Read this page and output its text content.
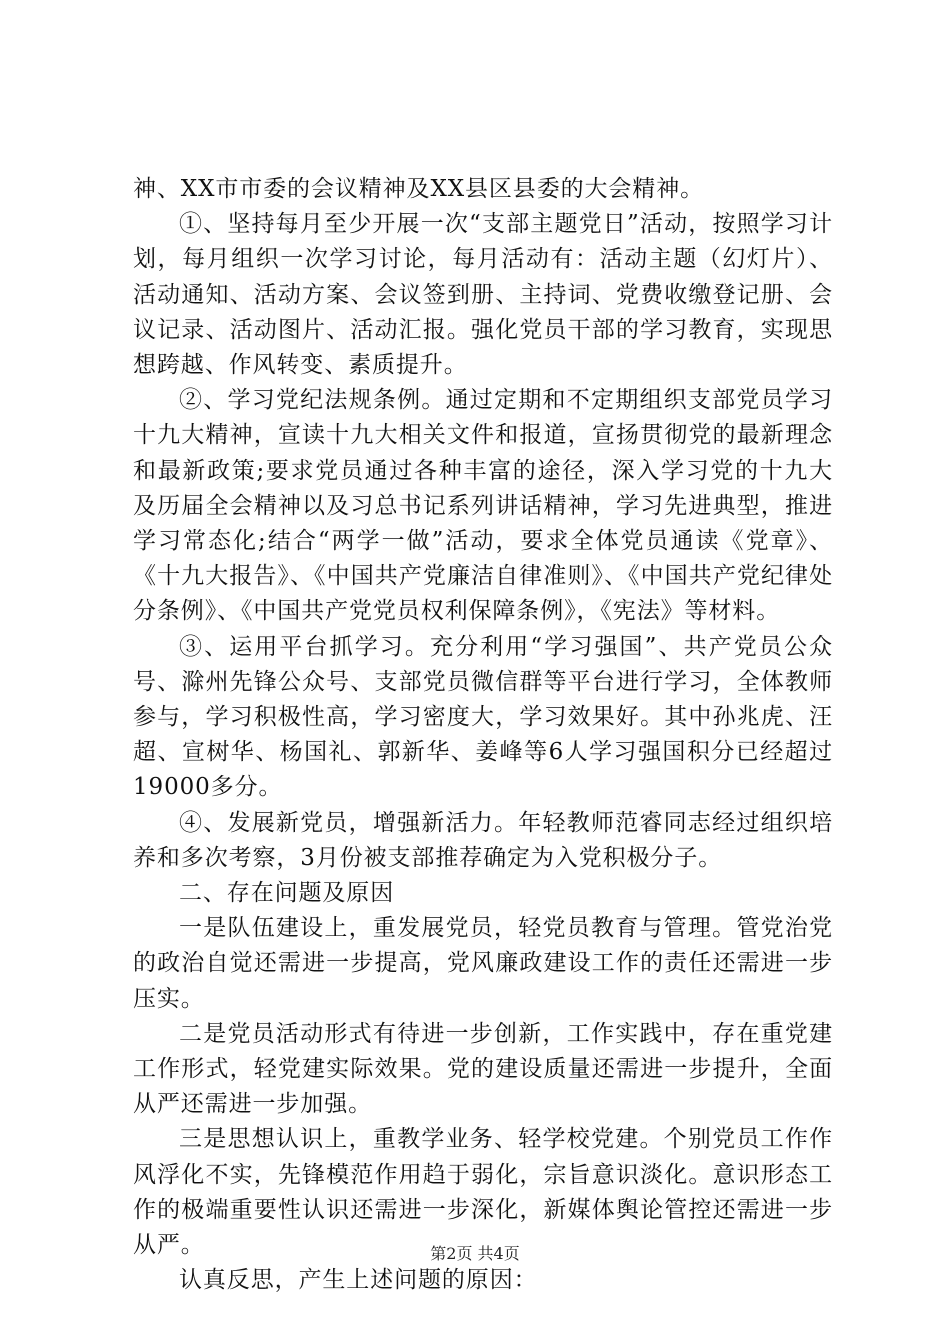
神、XX市市委的会议精神及XX县区县委的大会精神。

①、坚持每月至少开展一次“支部主题党日”活动，按照学习计划，每月组织一次学习讨论，每月活动有：活动主题（幻灯片）、活动通知、活动方案、会议签到册、主持词、党费收缴登记册、会议记录、活动图片、活动汇报。强化党员干部的学习教育，实现思想跨越、作风转变、素质提升。

②、学习党纪法规条例。通过定期和不定期组织支部党员学习十九大精神，宣读十九大相关文件和报道，宣扬贯彻党的最新理念和最新政策;要求党员通过各种丰富的途径，深入学习党的十九大及历届全会精神以及习总书记系列讲话精神，学习先进典型，推进学习常态化;结合“两学一做”活动，要求全体党员通读《党章》、《十九大报告》、《中国共产党廉洁自律准则》、《中国共产党纪律处分条例》、《中国共产党党员权利保障条例》，《宪法》等材料。

③、运用平台抓学习。充分利用“学习强国”、共产党员公众号、滁州先锋公众号、支部党员微信群等平台进行学习，全体教师参与，学习积极性高，学习密度大，学习效果好。其中孙兆虎、汪超、宣树华、杨国礼、郭新华、姜峰等6人学习强国积分已经超过19000多分。

④、发展新党员，增强新活力。年轻教师范睿同志经过组织培养和多次考察，3月份被支部推荐确定为入党积极分子。

二、存在问题及原因

一是队伍建设上，重发展党员，轻党员教育与管理。管党治党的政治自觉还需进一步提高，党风廉政建设工作的责任还需进一步压实。

二是党员活动形式有待进一步创新，工作实践中，存在重党建工作形式，轻党建实际效果。党的建设质量还需进一步提升，全面从严还需进一步加强。

三是思想认识上，重教学业务、轻学校党建。个别党员工作作风浮化不实，先锋模范作用趋于弱化，宗旨意识淡化。意识形态工作的极端重要性认识还需进一步深化，新媒体舆论管控还需进一步从严。

认真反思，产生上述问题的原因：

第2页 共4页
